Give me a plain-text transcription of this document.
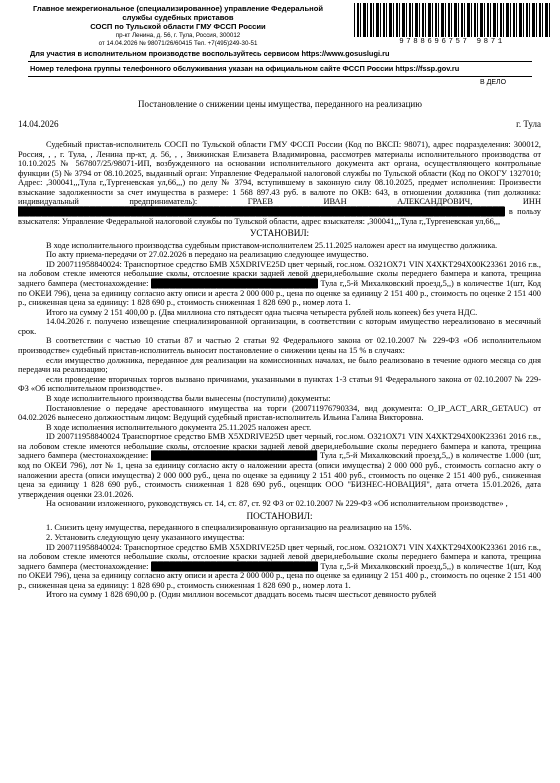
Главное межрегиональное (специализированное) управление Федеральной
службы судебных приставов
СОСП по Тульской области ГМУ ФССП России
пр-кт Ленина, д. 56, г. Тула, Россия, 300012
от 14.04.2026 № 98071/26/60415 Тел. +7(495)249-30-51	9788696757 9871
Для участия в исполнительном производстве воспользуйтесь сервисом https://www.gosuslugi.ru
Номер телефона группы телефонного обслуживания указан на официальном сайте ФССП России https://fssp.gov.ru
В ДЕЛО
Постановление о снижении цены имущества, переданного на реализацию
14.04.2026	г. Тула

Судебный пристав-исполнитель СОСП по Тульской области ГМУ ФССП России (Код по ВКСП: 98071), адрес подразделения: 300012, Россия, , , г. Тула, , Ленина пр-кт, д. 56, , , Звижинская Елизавета Владимировна, рассмотрев материалы исполнительного производства от 10.10.2025 № 567807/25/98071-ИП, возбужденного на основании исполнительного документа акт органа, осуществляющего контрольные функции (5) № 3794 от 08.10.2025, выданный орган: Управление Федеральной налоговой службы по Тульской области (Код по ОКОГУ 1327010; Адрес: ,300041,,,Тула г,,Тургеневская ул,66,,,) по делу № 3794, вступившему в законную силу 08.10.2025, предмет исполнения: Произвести взыскание задолженности за счет имущества в размере: 1 568 897.43 руб. в валюте по ОКВ: 643, в отношении должника (тип должника: индивидуальный предприниматель): ГРАЕВ ИВАН АЛЕКСАНДРОВИЧ, ИНН ██████████████████████████████████████████████████████████████████████████████████ в пользу взыскателя: Управление Федеральной налоговой службы по Тульской области, адрес взыскателя: ,300041,,,Тула г,,Тургеневская ул,66,,,

УСТАНОВИЛ:

В ходе исполнительного производства судебным приставом-исполнителем 25.11.2025 наложен арест на имущество должника.

По акту приема-передачи от 27.02.2026 в передано на реализацию следующее имущество.

ID 200711958840024: Транспортное средство БМВ X5XDRIVE25D цвет черный, гос.ном. О321ОХ71 VIN X4XKT294X00K23361 2016 г.в., на лобовом стекле имеются небольшие сколы, отслоение краски задней левой двери,небольшие сколы переднего бампера и капота, трещина заднего бампера (местонахождение: ████████████████████████████ Тула г,,5-й Михалковский проезд,5,,) в количестве 1(шт, Код по ОКЕИ 796), цена за единицу согласно акту описи и ареста 2 000 000 р., цена по оценке за единицу 2 151 400 р., стоимость по оценке 2 151 400 р., сниженная цена за единицу: 1 828 690 р., стоимость сниженная 1 828 690 р., номер лота 1.

Итого на сумму 2 151 400,00 р. (Два миллиона сто пятьдесят одна тысяча четыреста рублей ноль копеек) без учета НДС.

14.04.2026 г. получено извещение специализированной организации, в соответствии с которым имущество нереализовано в месячный срок.

В соответствии с частью 10 статьи 87 и частью 2 статьи 92 Федерального закона от 02.10.2007 № 229-ФЗ «Об исполнительном производстве» судебный пристав-исполнитель выносит постановление о снижении цены на 15 % в случаях:

если имущество должника, переданное для реализации на комиссионных началах, не было реализовано в течение одного месяца со дня передачи на реализацию;

если проведение вторичных торгов вызвано причинами, указанными в пунктах 1-3 статьи 91 Федерального закона от 02.10.2007 № 229-ФЗ «Об исполнительном производстве».

В ходе исполнительного производства были вынесены (поступили) документы:

Постановление о передаче арестованного имущества на торги (200711976790334, вид документа: O_IP_ACT_ARR_GETAUC) от 04.02.2026 вынесено должностным лицом: Ведущий судебный пристав-исполнитель Ильина Галина Викторовна.

В ходе исполнения исполнительного документа 25.11.2025 наложен арест.

ID 200711958840024 Транспортное средство БМВ X5XDRIVE25D цвет черный, гос.ном. О321ОХ71 VIN X4XKT294X00K23361 2016 г.в., на лобовом стекле имеются небольшие сколы, отслоение краски задней левой двери,небольшие сколы переднего бампера и капота, трещина заднего бампера (местонахождение: ████████████████████████████ Тула г,,5-й Михалковский проезд,5,,) в количестве 1.000 (шт, код по ОКЕИ 796), лот № 1, цена за единицу согласно акту о наложении ареста (описи имущества) 2 000 000 руб., стоимость согласно акту о наложении ареста (описи имущества) 2 000 000 руб., цена по оценке за единицу 2 151 400 руб., стоимость по оценке 2 151 400 руб., сниженная цена за единицу 1 828 690 руб., стоимость сниженная 1 828 690 руб., оценщик ООО "БИЗНЕС-НОВАЦИЯ", дата отчета 15.01.2026, дата утверждения оценки 23.01.2026.

На основании изложенного, руководствуясь ст. 14, ст. 87, ст. 92 ФЗ от 02.10.2007 № 229-ФЗ «Об исполнительном производстве» ,

ПОСТАНОВИЛ:

1. Снизить цену имущества, переданного в специализированную организацию на реализацию на 15%.

2. Установить следующую цену указанного имущества:

ID 200711958840024: Транспортное средство БМВ X5XDRIVE25D цвет черный, гос.ном. О321ОХ71 VIN X4XKT294X00K23361 2016 г.в., на лобовом стекле имеются небольшие сколы, отслоение краски задней левой двери,небольшие сколы переднего бампера и капота, трещина заднего бампера (местонахождение: ████████████████████████████ Тула г,,5-й Михалковский проезд,5,,) в количестве 1(шт, Код по ОКЕИ 796), цена за единицу согласно акту описи и ареста 2 000 000 р., цена по оценке за единицу 2 151 400 р., стоимость по оценке 2 151 400 р., сниженная цена за единицу: 1 828 690 р., стоимость сниженная 1 828 690 р., номер лота 1.

Итого на сумму 1 828 690,00 р. (Один миллион восемьсот двадцать восемь тысяч шестьсот девяносто рублей
